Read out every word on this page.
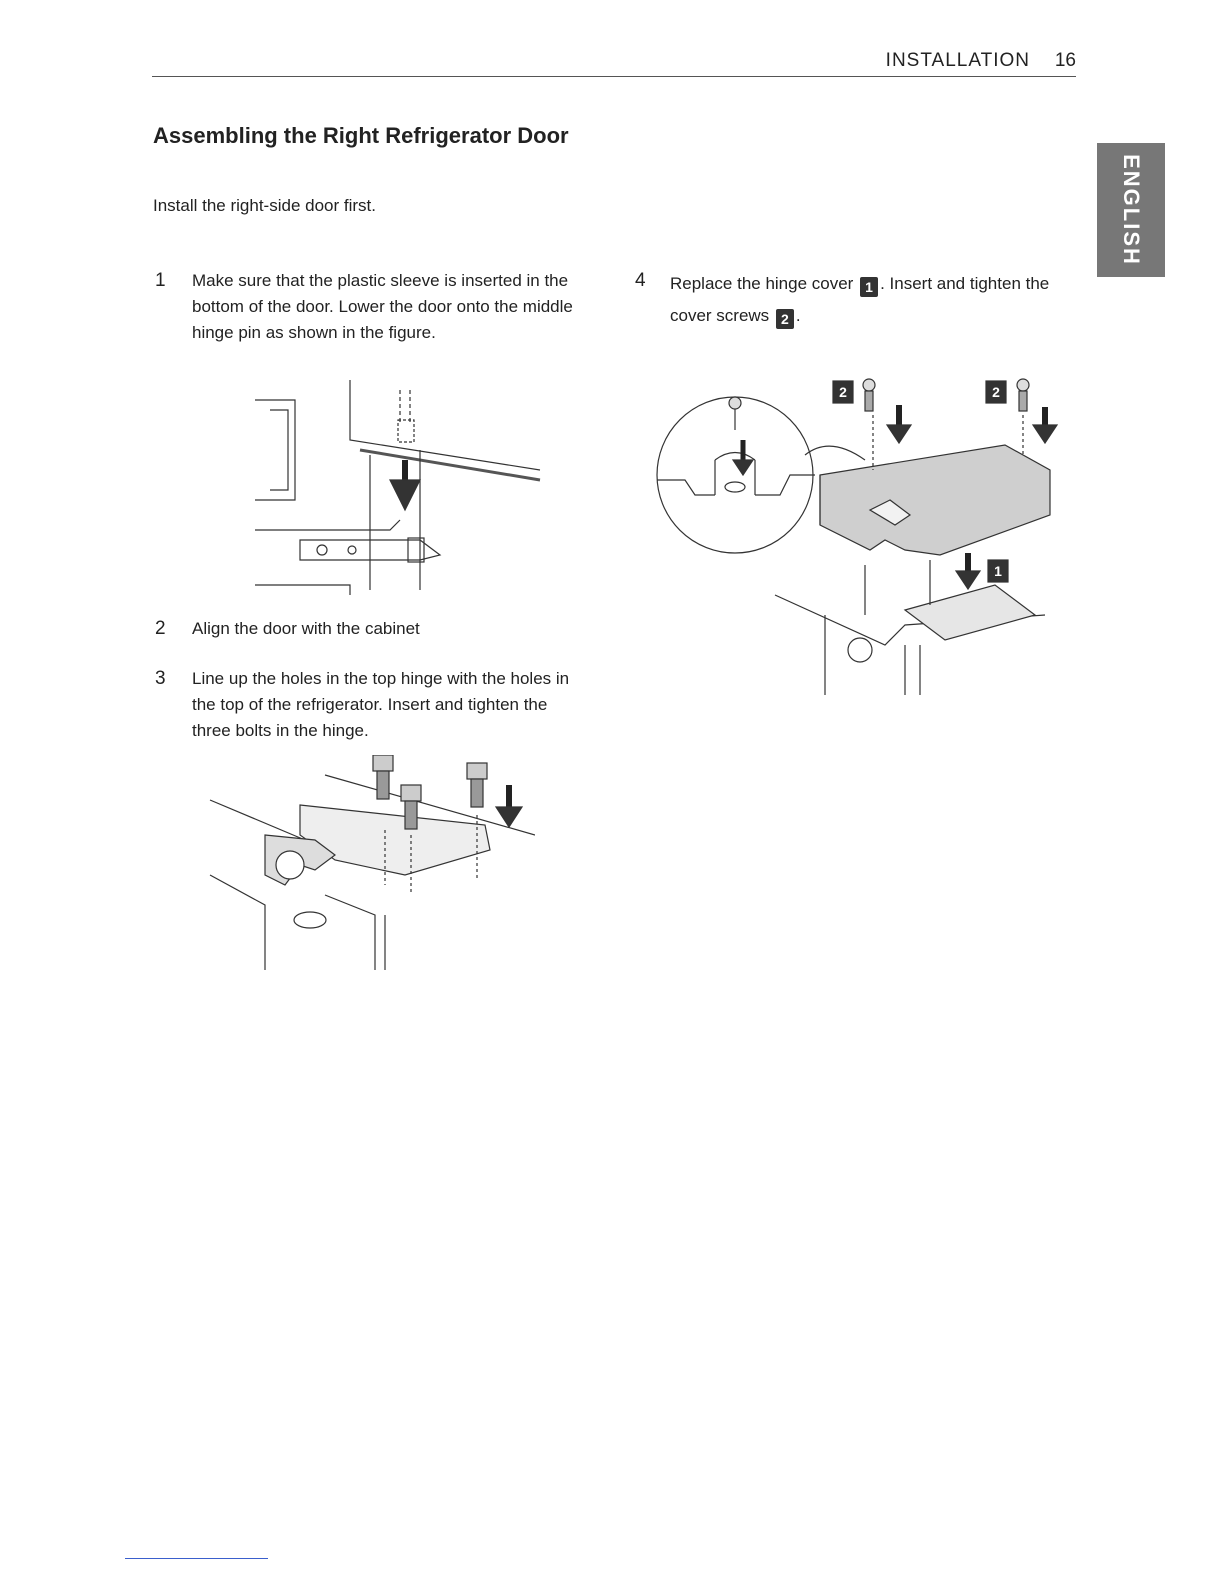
INSTALLATION 16
ENGLISH
Assembling the Right Refrigerator Door
Install the right-side door first.
1 Make sure that the plastic sleeve is inserted in the bottom of the door. Lower the door onto the middle hinge pin as shown in the figure.
2 Align the door with the cabinet
3 Line up the holes in the top hinge with the holes in the top of the refrigerator. Insert and tighten the three bolts in the hinge.
4 Replace the hinge cover 1 . Insert and tighten the cover screws 2 .
2	2
1
